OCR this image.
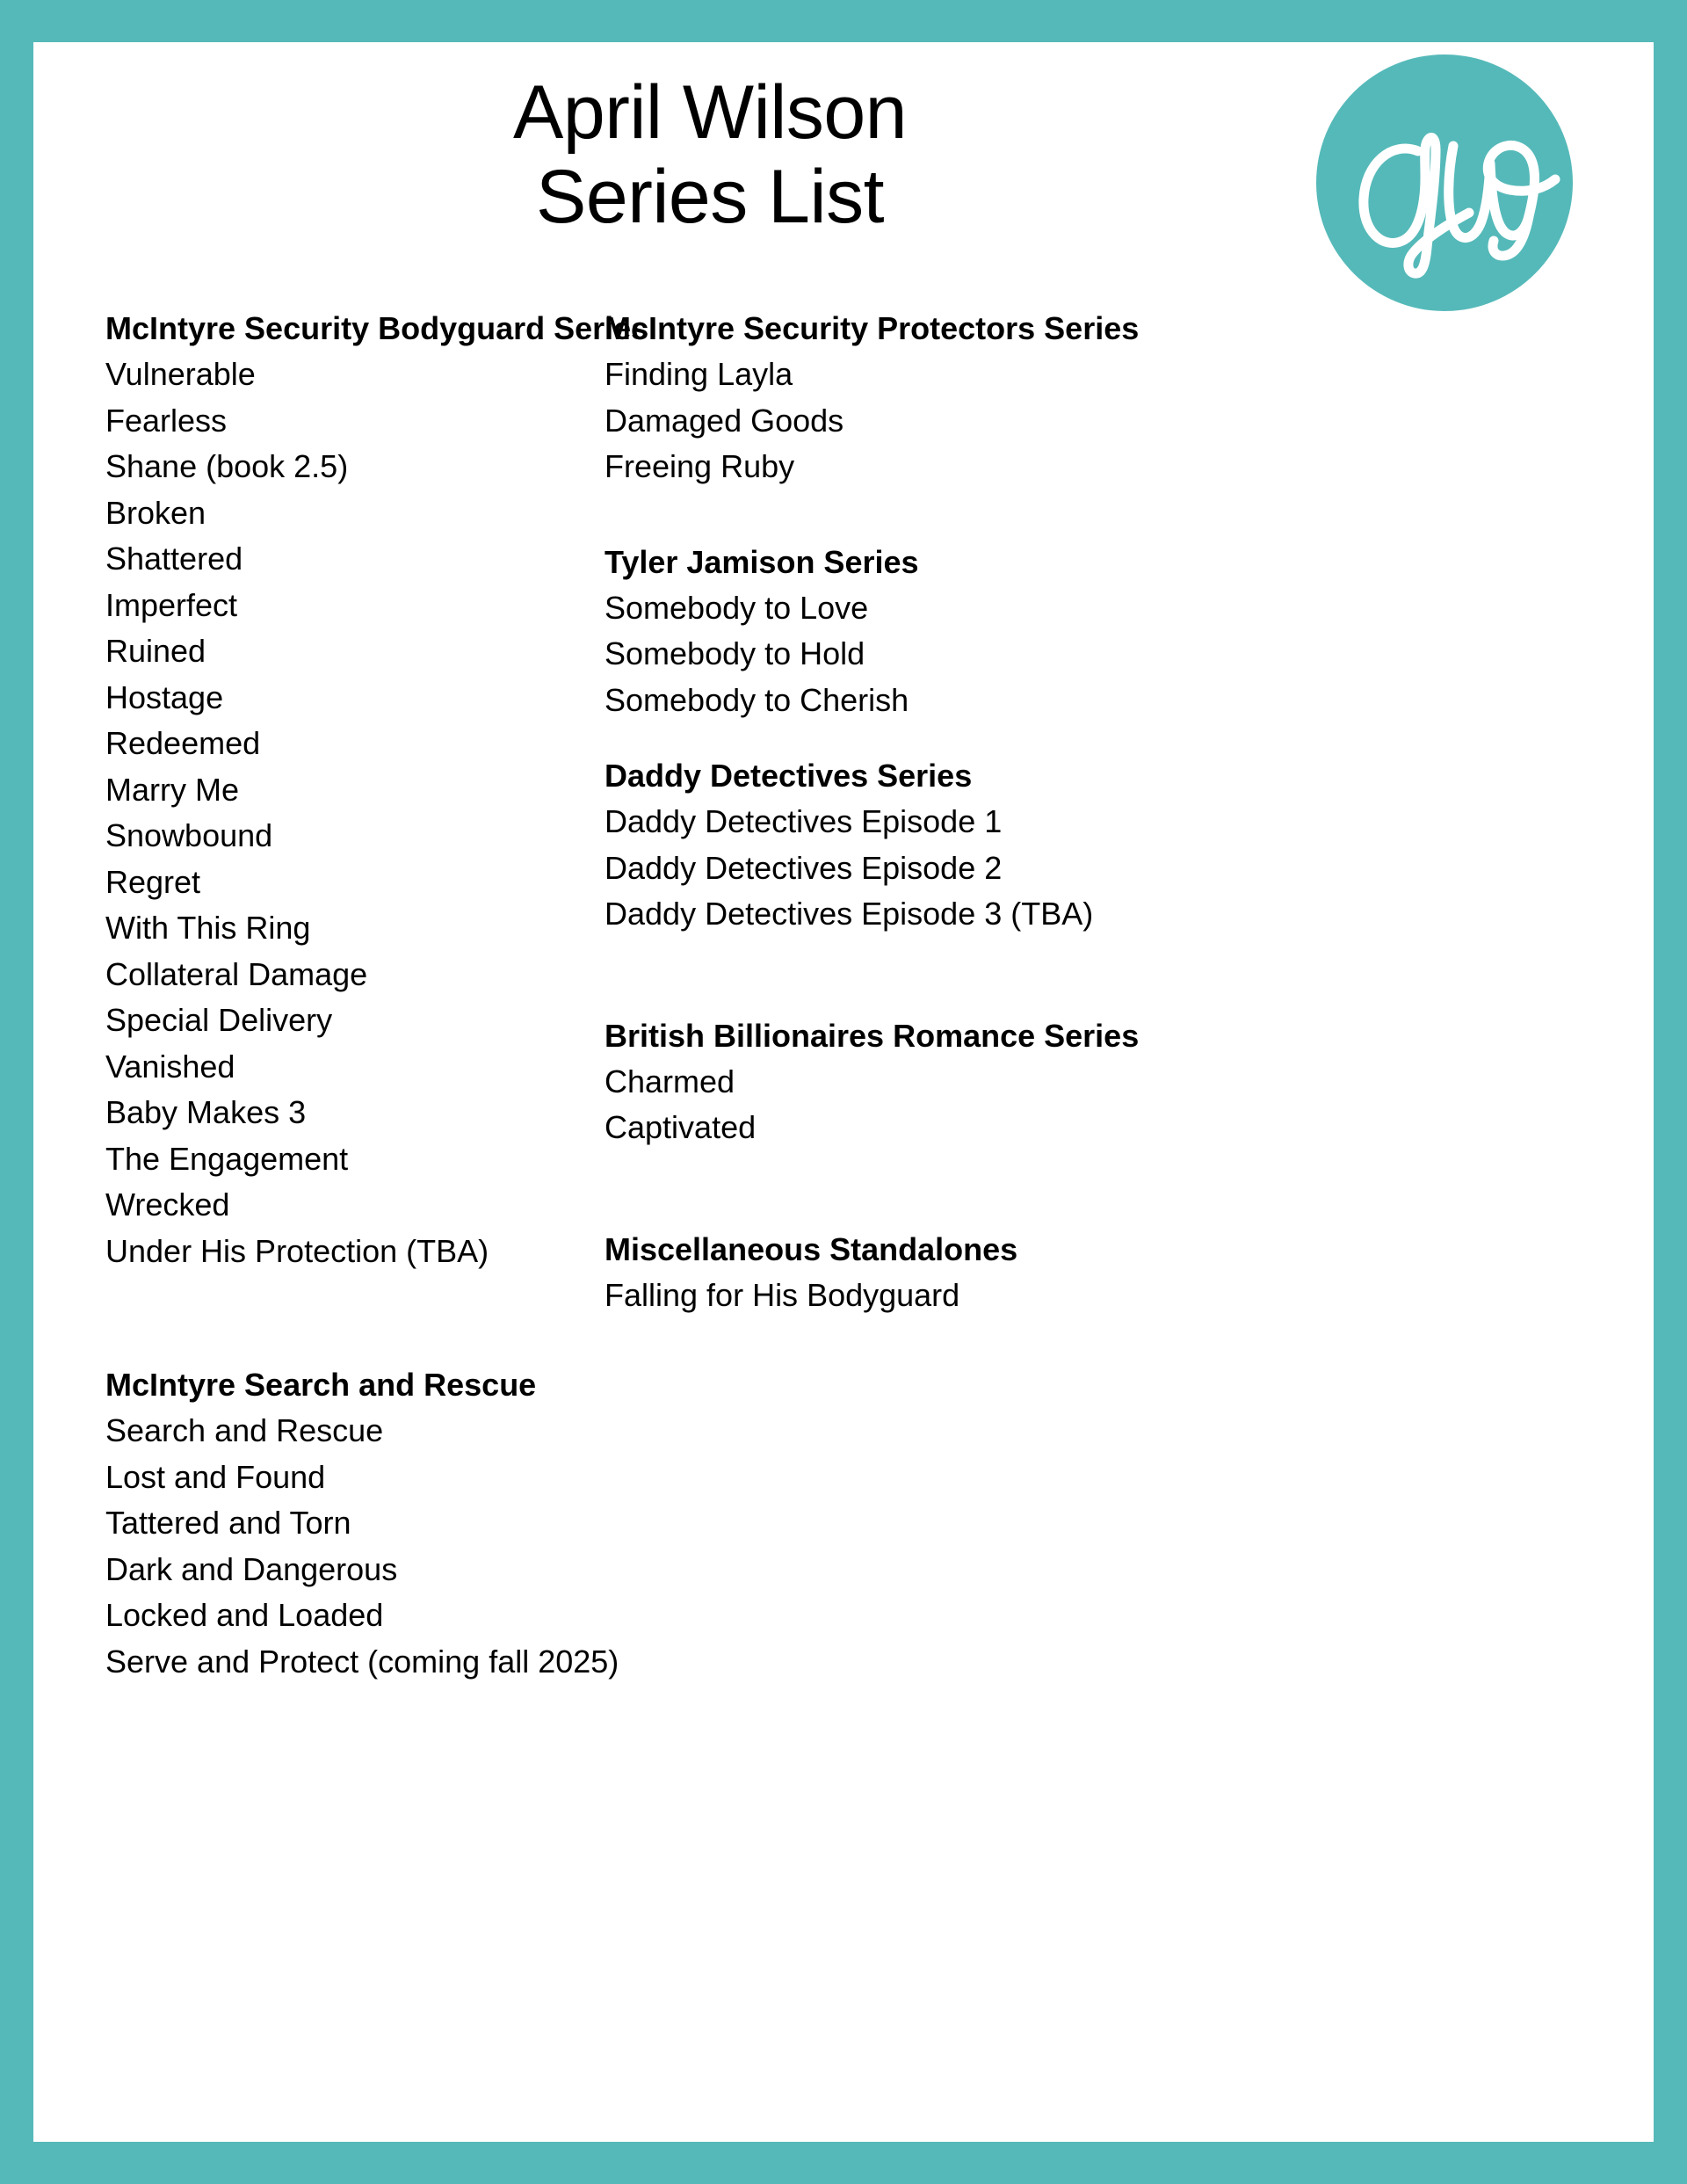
April Wilson
Series List
McIntyre Security Bodyguard Series
Vulnerable
Fearless
Shane (book 2.5)
Broken
Shattered
Imperfect
Ruined
Hostage
Redeemed
Marry Me
Snowbound
Regret
With This Ring
Collateral Damage
Special Delivery
Vanished
Baby Makes 3
The Engagement
Wrecked
Under His Protection (TBA)
McIntyre Search and Rescue
Search and Rescue
Lost and Found
Tattered and Torn
Dark and Dangerous
Locked and Loaded
Serve and Protect (coming fall 2025)
McIntyre Security Protectors Series
Finding Layla
Damaged Goods
Freeing Ruby
Tyler Jamison Series
Somebody to Love
Somebody to Hold
Somebody to Cherish
Daddy Detectives Series
Daddy Detectives Episode 1
Daddy Detectives Episode 2
Daddy Detectives Episode 3 (TBA)
British Billionaires Romance Series
Charmed
Captivated
Miscellaneous Standalones
Falling for His Bodyguard
